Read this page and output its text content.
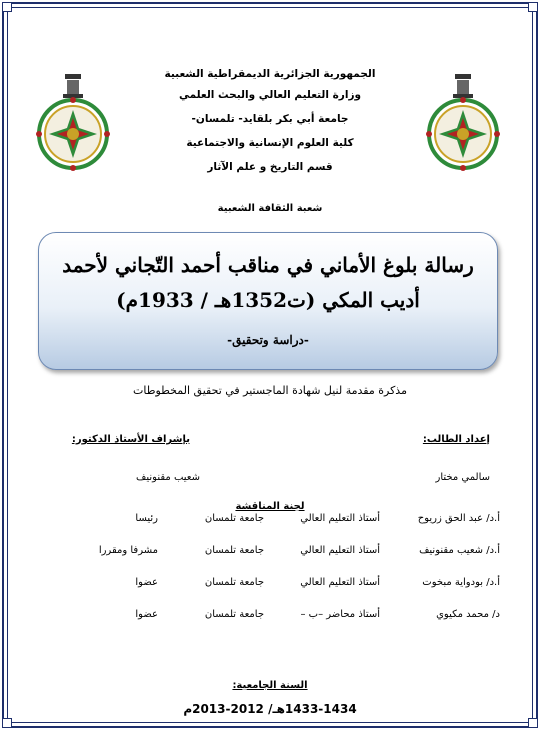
الجمهورية الجزائرية الديمقراطية الشعبية
وزارة التعليم العالي والبحث العلمي
جامعة أبي بكر بلقايد- تلمسان-
كلية العلوم الإنسانية والاجتماعية
قسم التاريخ و علم الآثار
شعبة الثقافة الشعبية
رسالة بلوغ الأماني في مناقب أحمد التّجاني لأحمد
أديب المكي (ت1352هـ / 1933م)
-دراسة وتحقيق-
مذكرة مقدمة لنيل شهادة الماجستير في تحقيق المخطوطات
إعداد الطالب:
بإشراف الأستاذ الدكتور:
سالمي مختار
شعيب مقنونيف
لجنة المناقشة
أ.د/ عبد الحق زريوح
أستاذ التعليم العالي
جامعة تلمسان
رئيسا
أ.د/ شعيب مقنونيف
أستاذ التعليم العالي
جامعة تلمسان
مشرفا ومقررا
أ.د/ بودواية مبخوت
أستاذ التعليم العالي
جامعة تلمسان
عضوا
د/ محمد مكيوي
أستاذ محاضر –ب –
جامعة تلمسان
عضوا
السنة الجامعية:
1433-1434هـ/ 2012-2013م
